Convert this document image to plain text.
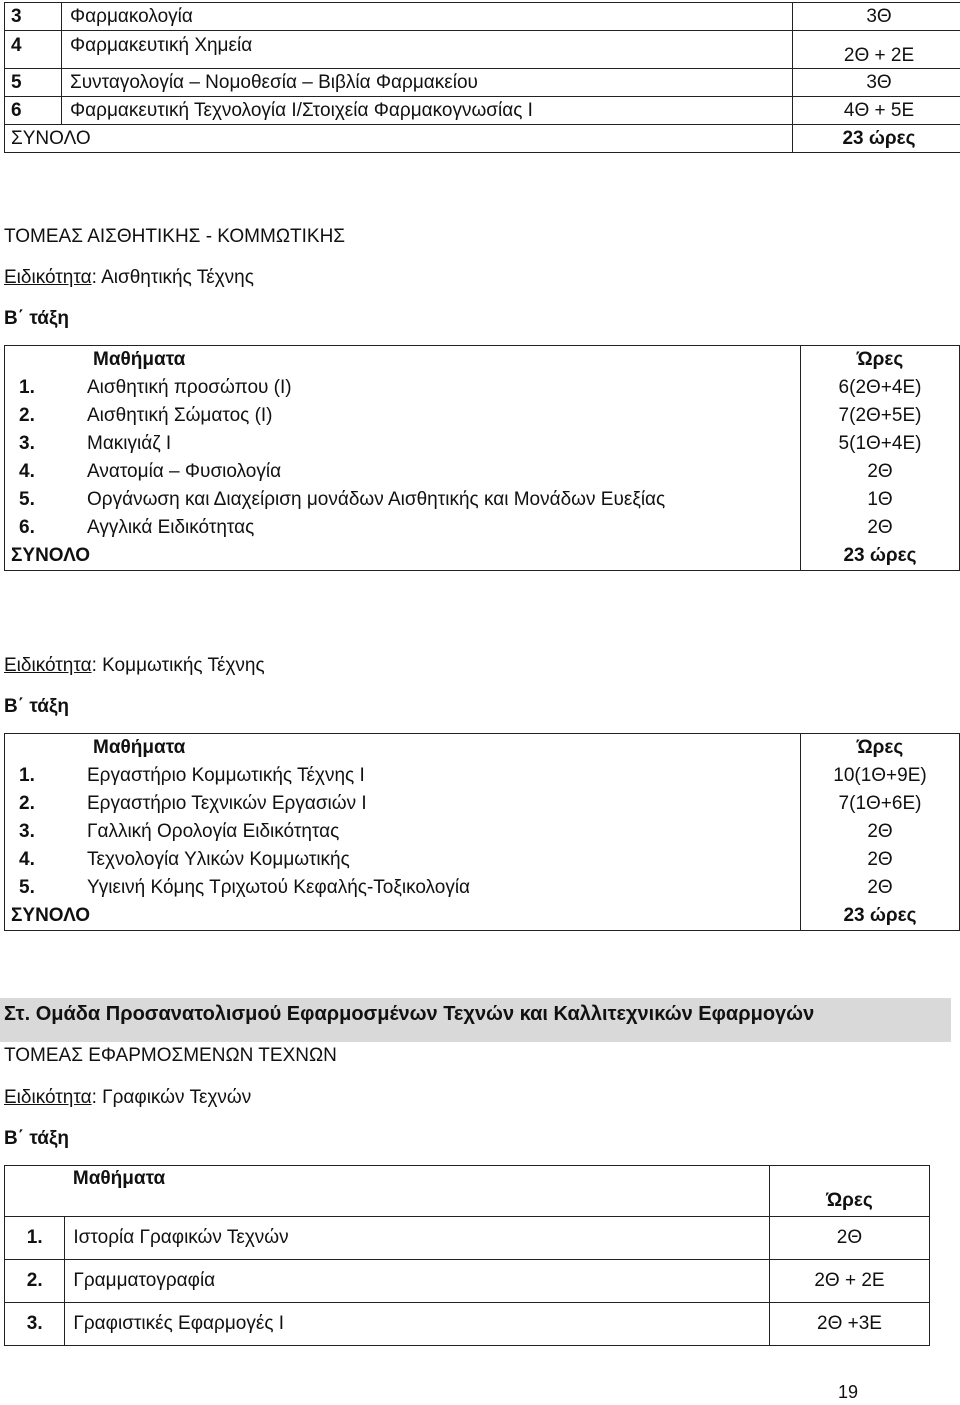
3	Φαρμακολογία	3Θ
4	Φαρμακευτική Χημεία	2Θ + 2Ε
5	Συνταγολογία – Νομοθεσία – Βιβλία Φαρμακείου	3Θ
6	Φαρμακευτική Τεχνολογία Ι/Στοιχεία Φαρμακογνωσίας Ι	4Θ + 5Ε
ΣΥΝΟΛΟ		23 ώρες
ΤΟΜΕΑΣ ΑΙΣΘΗΤΙΚΗΣ - ΚΟΜΜΩΤΙΚΗΣ
Ειδικότητα: Αισθητικής Τέχνης
Β΄ τάξη
Μαθήματα	Ώρες
1. Αισθητική προσώπου (Ι)	6(2Θ+4Ε)
2. Αισθητική Σώματος (Ι)	7(2Θ+5Ε)
3. Μακιγιάζ Ι	5(1Θ+4Ε)
4. Ανατομία – Φυσιολογία	2Θ
5. Οργάνωση και Διαχείριση μονάδων Αισθητικής και Μονάδων Ευεξίας	1Θ
6. Αγγλικά Ειδικότητας	2Θ
ΣΥΝΟΛΟ	23 ώρες
Ειδικότητα: Κομμωτικής Τέχνης
Β΄ τάξη
Μαθήματα	Ώρες
1. Εργαστήριο Κομμωτικής Τέχνης Ι	10(1Θ+9Ε)
2. Εργαστήριο Τεχνικών Εργασιών Ι	7(1Θ+6Ε)
3. Γαλλική Ορολογία Ειδικότητας	2Θ
4. Τεχνολογία Υλικών Κομμωτικής	2Θ
5. Υγιεινή Κόμης Τριχωτού Κεφαλής-Τοξικολογία	2Θ
ΣΥΝΟΛΟ	23 ώρες
Στ. Ομάδα Προσανατολισμού Εφαρμοσμένων Τεχνών και Καλλιτεχνικών Εφαρμογών
ΤΟΜΕΑΣ ΕΦΑΡΜΟΣΜΕΝΩΝ ΤΕΧΝΩΝ
Ειδικότητα: Γραφικών Τεχνών
Β΄ τάξη
	Μαθήματα	Ώρες
1.	Ιστορία Γραφικών Τεχνών	2Θ
2.	Γραμματογραφία	2Θ + 2Ε
3.	Γραφιστικές Εφαρμογές Ι	2Θ +3Ε
19
